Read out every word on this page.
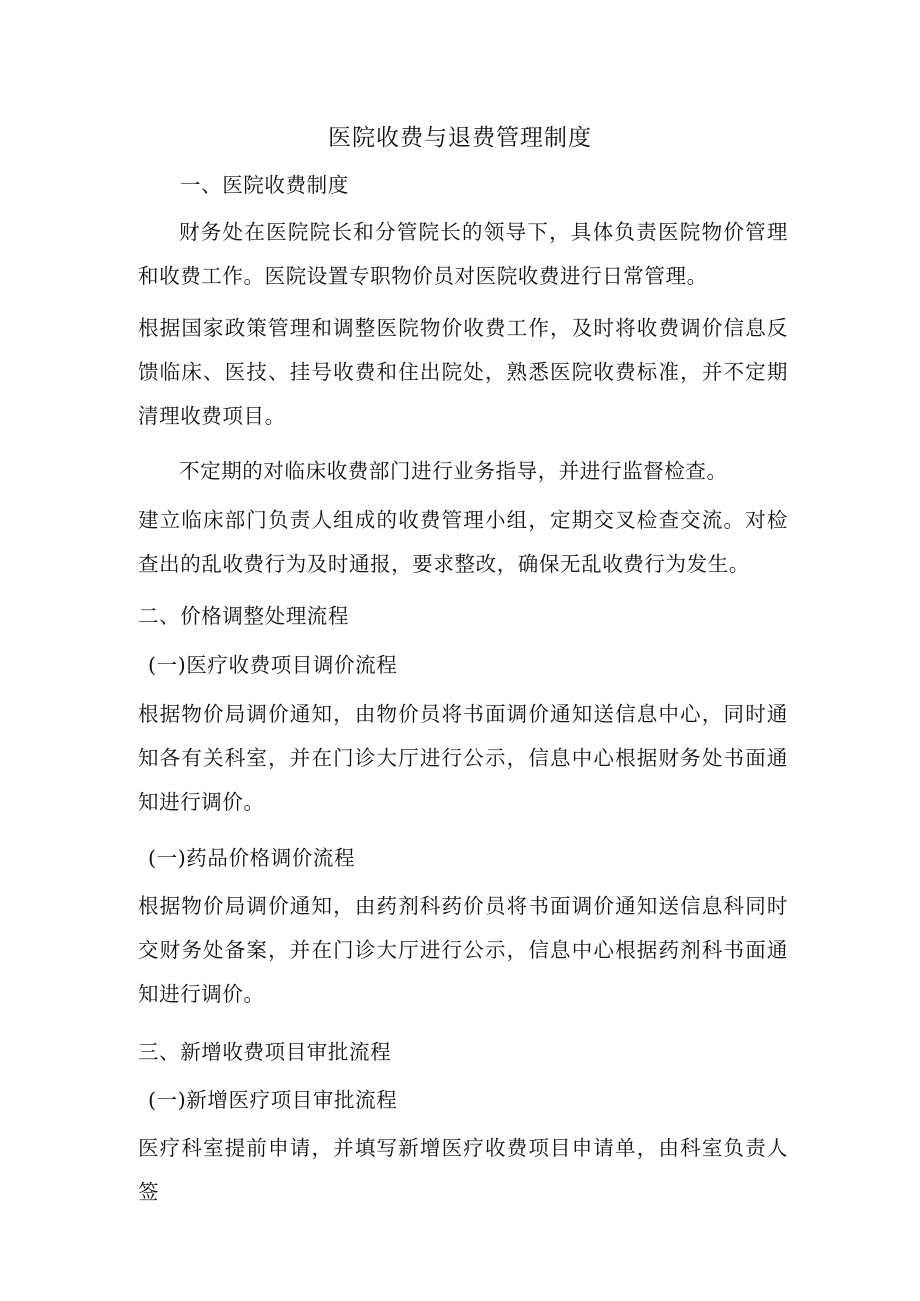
医院收费与退费管理制度
一、医院收费制度

财务处在医院院长和分管院长的领导下，具体负责医院物价管理和收费工作。医院设置专职物价员对医院收费进行日常管理。

根据国家政策管理和调整医院物价收费工作，及时将收费调价信息反馈临床、医技、挂号收费和住出院处，熟悉医院收费标准，并不定期清理收费项目。

不定期的对临床收费部门进行业务指导，并进行监督检查。

建立临床部门负责人组成的收费管理小组，定期交叉检查交流。对检查出的乱收费行为及时通报，要求整改，确保无乱收费行为发生。

二、价格调整处理流程
(一)医疗收费项目调价流程

根据物价局调价通知，由物价员将书面调价通知送信息中心，同时通知各有关科室，并在门诊大厅进行公示，信息中心根据财务处书面通知进行调价。

(一)药品价格调价流程

根据物价局调价通知，由药剂科药价员将书面调价通知送信息科同时交财务处备案，并在门诊大厅进行公示，信息中心根据药剂科书面通知进行调价。

三、新增收费项目审批流程
(一)新增医疗项目审批流程

医疗科室提前申请，并填写新增医疗收费项目申请单，由科室负责人签
